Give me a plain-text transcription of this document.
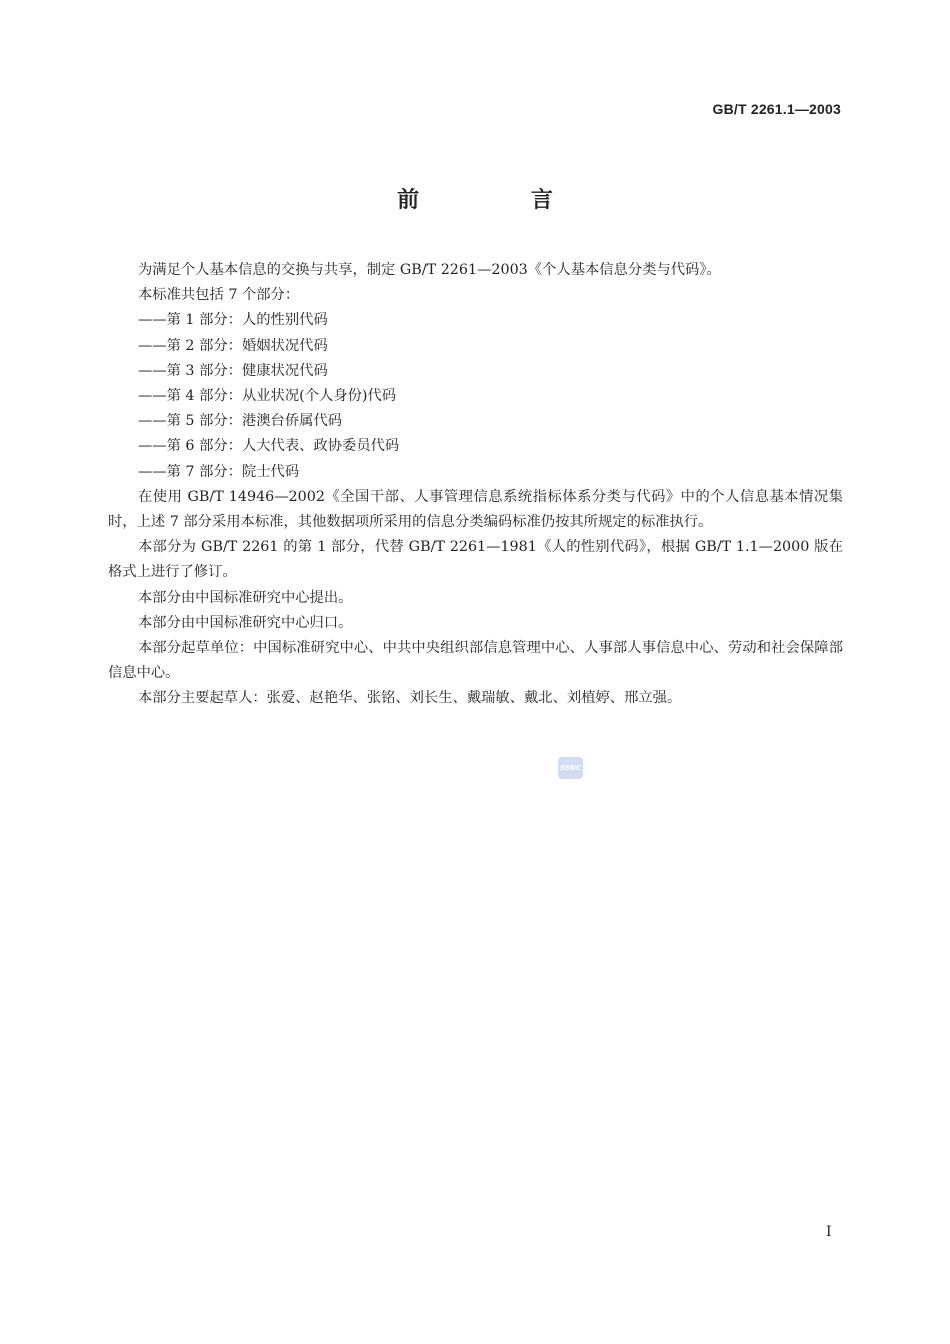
GB/T 2261.1—2003
前 言

为满足个人基本信息的交换与共享，制定 GB/T 2261—2003《个人基本信息分类与代码》。

本标准共包括 7 个部分：

——第 1 部分：人的性别代码

——第 2 部分：婚姻状况代码

——第 3 部分：健康状况代码

——第 4 部分：从业状况(个人身份)代码

——第 5 部分：港澳台侨属代码

——第 6 部分：人大代表、政协委员代码

——第 7 部分：院士代码

在使用 GB/T 14946—2002《全国干部、人事管理信息系统指标体系分类与代码》中的个人信息基本情况集时，上述 7 部分采用本标准，其他数据项所采用的信息分类编码标准仍按其所规定的标准执行。

本部分为 GB/T 2261 的第 1 部分，代替 GB/T 2261—1981《人的性别代码》，根据 GB/T 1.1—2000 版在格式上进行了修订。

本部分由中国标准研究中心提出。

本部分由中国标准研究中心归口。

本部分起草单位：中国标准研究中心、中共中央组织部信息管理中心、人事部人事信息中心、劳动和社会保障部信息中心。

本部分主要起草人：张爱、赵艳华、张铭、刘长生、戴瑞敏、戴北、刘植婷、邢立强。

SSNC
I
